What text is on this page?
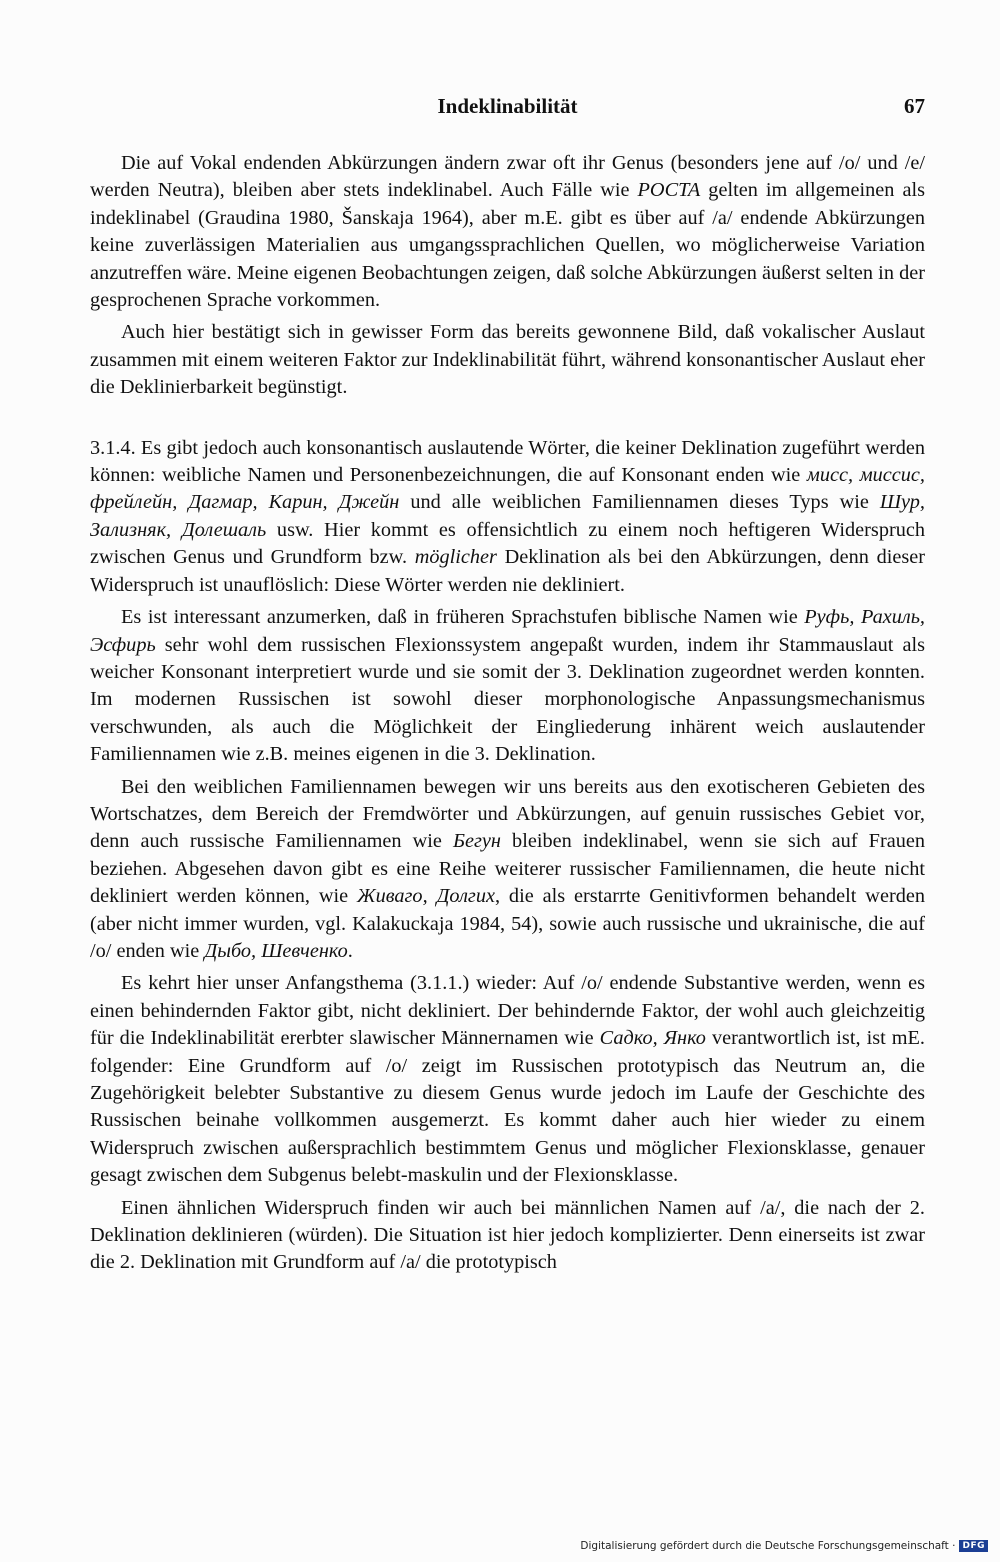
Indeklinabilität	67

Die auf Vokal endenden Abkürzungen ändern zwar oft ihr Genus (besonders jene auf /o/ und /e/ werden Neutra), bleiben aber stets indeklinabel. Auch Fälle wie POCTA gelten im allgemeinen als indeklinabel (Graudina 1980, Šanskaja 1964), aber m.E. gibt es über auf /a/ endende Abkürzungen keine zuverlässigen Materialien aus umgangssprachlichen Quellen, wo möglicherweise Variation anzutreffen wäre. Meine eigenen Beobachtungen zeigen, daß solche Abkürzungen äußerst selten in der gesprochenen Sprache vorkommen.

Auch hier bestätigt sich in gewisser Form das bereits gewonnene Bild, daß vokalischer Auslaut zusammen mit einem weiteren Faktor zur Indeklinabilität führt, während konsonantischer Auslaut eher die Deklinierbarkeit begünstigt.

3.1.4. Es gibt jedoch auch konsonantisch auslautende Wörter, die keiner Deklination zugeführt werden können: weibliche Namen und Personenbezeichnungen, die auf Konsonant enden wie мисс, миссис, фрейлейн, Дагмар, Карин, Джейн und alle weiblichen Familiennamen dieses Typs wie Шур, Зализняк, Долешаль usw. Hier kommt es offensichtlich zu einem noch heftigeren Widerspruch zwischen Genus und Grundform bzw. möglicher Deklination als bei den Abkürzungen, denn dieser Widerspruch ist unauflöslich: Diese Wörter werden nie dekliniert.

Es ist interessant anzumerken, daß in früheren Sprachstufen biblische Namen wie Руфь, Рахиль, Эсфирь sehr wohl dem russischen Flexionssystem angepaßt wurden, indem ihr Stammauslaut als weicher Konsonant interpretiert wurde und sie somit der 3. Deklination zugeordnet werden konnten. Im modernen Russischen ist sowohl dieser morphonologische Anpassungsmechanismus verschwunden, als auch die Möglichkeit der Eingliederung inhärent weich auslautender Familiennamen wie z.B. meines eigenen in die 3. Deklination.

Bei den weiblichen Familiennamen bewegen wir uns bereits aus den exotischeren Gebieten des Wortschatzes, dem Bereich der Fremdwörter und Abkürzungen, auf genuin russisches Gebiet vor, denn auch russische Familiennamen wie Бегун bleiben indeklinabel, wenn sie sich auf Frauen beziehen. Abgesehen davon gibt es eine Reihe weiterer russischer Familiennamen, die heute nicht dekliniert werden können, wie Живаго, Долгих, die als erstarrte Genitivformen behandelt werden (aber nicht immer wurden, vgl. Kalakuckaja 1984, 54), sowie auch russische und ukrainische, die auf /o/ enden wie Дыбо, Шевченко.

Es kehrt hier unser Anfangsthema (3.1.1.) wieder: Auf /o/ endende Substantive werden, wenn es einen behindernden Faktor gibt, nicht dekliniert. Der behindernde Faktor, der wohl auch gleichzeitig für die Indeklinabilität ererbter slawischer Männernamen wie Садко, Янко verantwortlich ist, ist mE. folgender: Eine Grundform auf /o/ zeigt im Russischen prototypisch das Neutrum an, die Zugehörigkeit belebter Substantive zu diesem Genus wurde jedoch im Laufe der Geschichte des Russischen beinahe vollkommen ausgemerzt. Es kommt daher auch hier wieder zu einem Widerspruch zwischen außersprachlich bestimmtem Genus und möglicher Flexionsklasse, genauer gesagt zwischen dem Subgenus belebt-maskulin und der Flexionsklasse.

Einen ähnlichen Widerspruch finden wir auch bei männlichen Namen auf /a/, die nach der 2. Deklination deklinieren (würden). Die Situation ist hier jedoch komplizierter. Denn einerseits ist zwar die 2. Deklination mit Grundform auf /a/ die prototypisch

Digitalisierung gefördert durch die Deutsche Forschungsgemeinschaft · DFG
